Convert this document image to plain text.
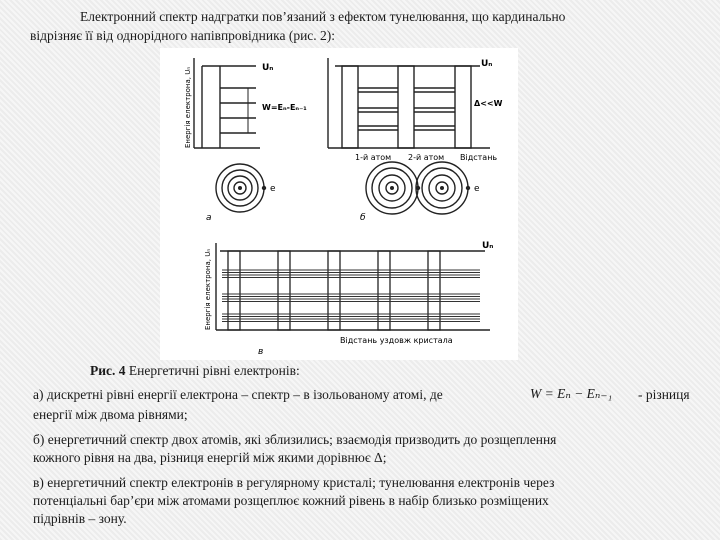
Електронний спектр надгратки пов’язаний з ефектом тунелювання, що кардинально

відрізняє її від однорідного напівпровідника (рис. 2):

Енергія електрона, Uₙ	Uₙ
W=Eₙ-Eₙ₋₁
Uₙ
Δ<<W
1-й атом 2-й атом Відстань
e	e
а	б
Енергія електрона, Uₙ
Uₙ
Відстань уздовж кристала
в

Рис. 4 Енергетичні рівні електронів:

а) дискретні рівні енергії електрона – спектр – в ізольованому атомі, де	W = Eₙ − Eₙ₋₁ - різниця

енергії між двома рівнями;

б) енергетичний спектр двох атомів, які зблизились; взаємодія призводить до розщеплення

кожного рівня на два, різниця енергій між якими дорівнює Δ;

в) енергетичний спектр електронів в регулярному кристалі; тунелювання електронів через

потенціальні бар’єри між атомами розщеплює кожний рівень в набір близько розміщених

підрівнів – зону.
